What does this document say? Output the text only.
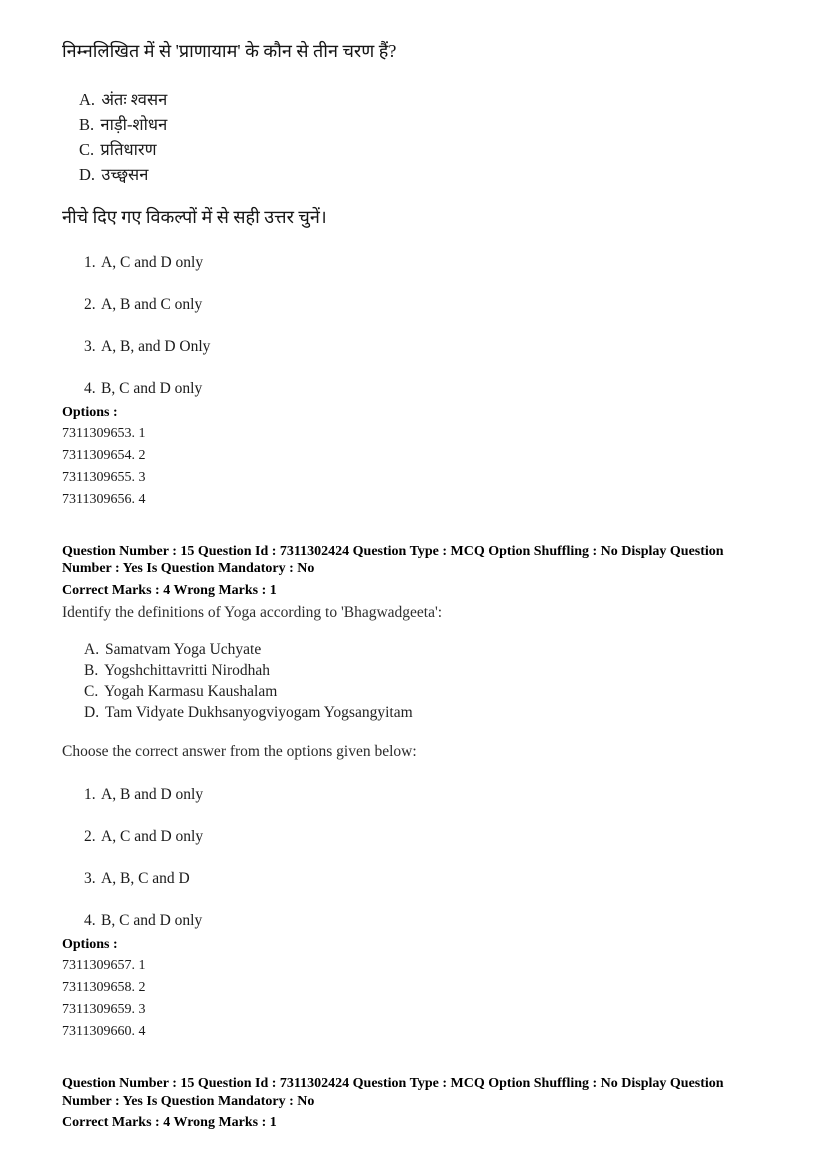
निम्नलिखित में से 'प्राणायाम' के कौन से तीन चरण हैं?

A. अंतः श्वसन

B. नाड़ी-शोधन

C. प्रतिधारण

D. उच्छ्वसन

नीचे दिए गए विकल्पों में से सही उत्तर चुनें।

1. A, C and D only

2. A, B and C only

3. A, B, and D Only

4. B, C and D only

Options :

7311309653. 1

7311309654. 2

7311309655. 3

7311309656. 4

Question Number : 15 Question Id : 7311302424 Question Type : MCQ Option Shuffling : No Display Question

Number : Yes Is Question Mandatory : No

Correct Marks : 4 Wrong Marks : 1

Identify the definitions of Yoga according to 'Bhagwadgeeta':

A. Samatvam Yoga Uchyate

B. Yogshchittavritti Nirodhah

C. Yogah Karmasu Kaushalam

D. Tam Vidyate Dukhsanyogviyogam Yogsangyitam

Choose the correct answer from the options given below:

1. A, B and D only

2. A, C and D only

3. A, B, C and D

4. B, C and D only

Options :

7311309657. 1

7311309658. 2

7311309659. 3

7311309660. 4

Question Number : 15 Question Id : 7311302424 Question Type : MCQ Option Shuffling : No Display Question

Number : Yes Is Question Mandatory : No

Correct Marks : 4 Wrong Marks : 1
